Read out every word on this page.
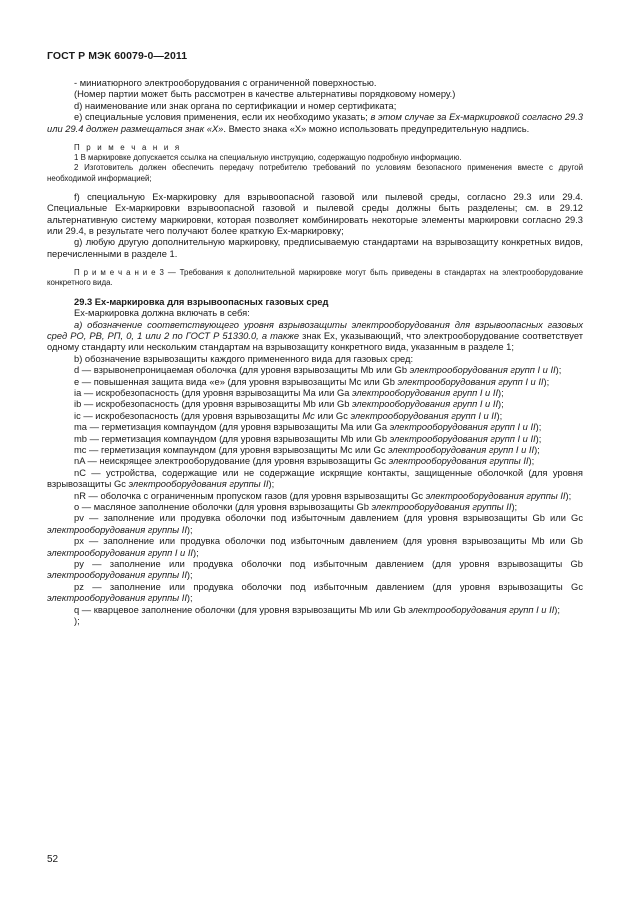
ГОСТ Р МЭК 60079-0—2011

- миниатюрного электрооборудования с ограниченной поверхностью.

(Номер партии может быть рассмотрен в качестве альтернативы порядковому номеру.)

d) наименование или знак органа по сертификации и номер сертификата;

e) специальные условия применения, если их необходимо указать; в этом случае за Ex-маркировкой согласно 29.3 или 29.4 должен размещаться знак «X». Вместо знака «X» можно использовать предупредительную надпись.

П р и м е ч а н и я

1 В маркировке допускается ссылка на специальную инструкцию, содержащую подробную информацию.

2 Изготовитель должен обеспечить передачу потребителю требований по условиям безопасного применения вместе с другой необходимой информацией;

f) специальную Ex-маркировку для взрывоопасной газовой или пылевой среды, согласно 29.3 или 29.4. Специальные Ex-маркировки взрывоопасной газовой и пылевой среды должны быть разделены; см. в 29.12 альтернативную систему маркировки, которая позволяет комбинировать некоторые элементы маркировки согласно 29.3 или 29.4, в результате чего получают более краткую Ex-маркировку;

g) любую другую дополнительную маркировку, предписываемую стандартами на взрывозащиту конкретных видов, перечисленными в разделе 1.

П р и м е ч а н и е 3 — Требования к дополнительной маркировке могут быть приведены в стандартах на электрооборудование конкретного вида.

29.3 Ex-маркировка для взрывоопасных газовых сред

Ex-маркировка должна включать в себя:

а) обозначение соответствующего уровня взрывозащиты электрооборудования для взрывоопасных газовых сред РО, РВ, РП, 0, 1 или 2 по ГОСТ Р 51330.0, а также знак Ex, указывающий, что электрооборудование соответствует одному стандарту или нескольким стандартам на взрывозащиту конкретного вида, указанным в разделе 1;

b) обозначение взрывозащиты каждого примененного вида для газовых сред:

d — взрывонепроницаемая оболочка (для уровня взрывозащиты Mb или Gb электрооборудования групп I и II);

e — повышенная защита вида «e» (для уровня взрывозащиты Mc или Gb электрооборудования групп I и II);

ia — искробезопасность (для уровня взрывозащиты Ma или Ga электрооборудования групп I и II);

ib — искробезопасность (для уровня взрывозащиты Mb или Gb электрооборудования групп I и II);

ic — искробезопасность (для уровня взрывозащиты Mc или Gc электрооборудования групп I и II);

ma — герметизация компаундом (для уровня взрывозащиты Ma или Ga электрооборудования групп I и II);

mb — герметизация компаундом (для уровня взрывозащиты Mb или Gb электрооборудования групп I и II);

mc — герметизация компаундом (для уровня взрывозащиты Mc или Gc электрооборудования групп I и II);

nA — неискрящее электрооборудование (для уровня взрывозащиты Gc электрооборудования группы II);

nC — устройства, содержащие или не содержащие искрящие контакты, защищенные оболочкой (для уровня взрывозащиты Gc электрооборудования группы II);

nR — оболочка с ограниченным пропуском газов (для уровня взрывозащиты Gc электрооборудования группы II);

o — масляное заполнение оболочки (для уровня взрывозащиты Gb электрооборудования группы II);

pv — заполнение или продувка оболочки под избыточным давлением (для уровня взрывозащиты Gb или Gc электрооборудования группы II);

px — заполнение или продувка оболочки под избыточным давлением (для уровня взрывозащиты Mb или Gb электрооборудования групп I и II);

py — заполнение или продувка оболочки под избыточным давлением (для уровня взрывозащиты Gb электрооборудования группы II);

pz — заполнение или продувка оболочки под избыточным давлением (для уровня взрывозащиты Gc электрооборудования группы II);

q — кварцевое заполнение оболочки (для уровня взрывозащиты Mb или Gb электрооборудования групп I и II);

);

52
